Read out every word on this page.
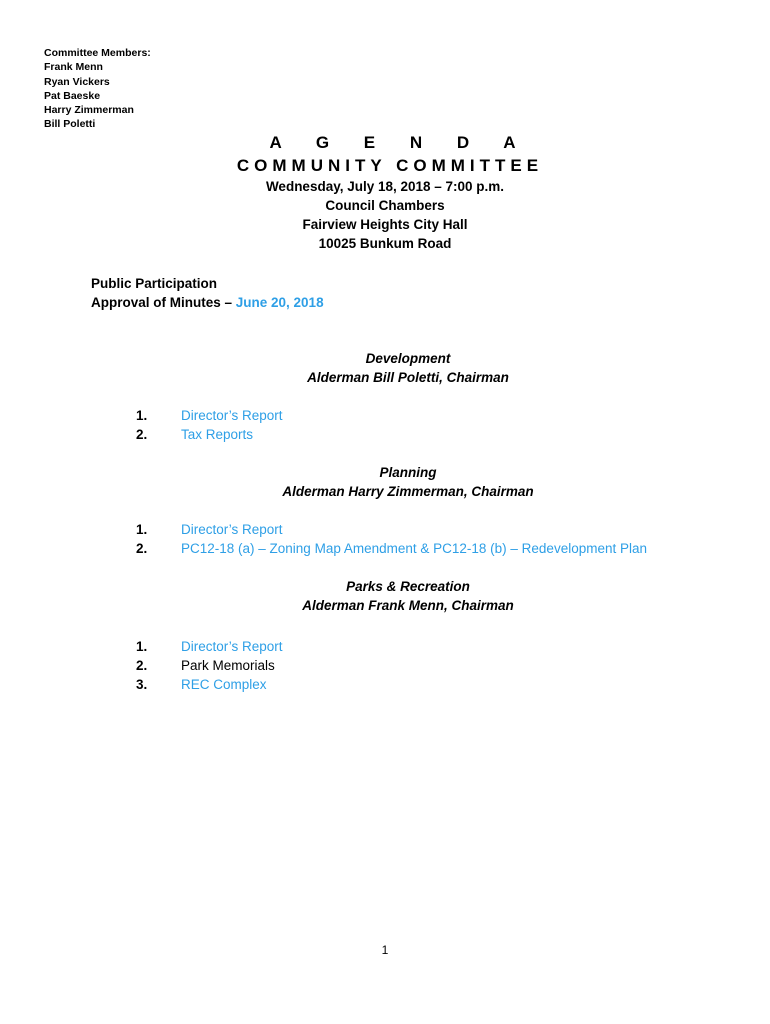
Committee Members:
Frank Menn
Ryan Vickers
Pat Baeske
Harry Zimmerman
Bill Poletti
A G E N D A
COMMUNITY COMMITTEE
Wednesday, July 18, 2018 – 7:00 p.m.
Council Chambers
Fairview Heights City Hall
10025 Bunkum Road
Public Participation
Approval of Minutes – June 20, 2018
Development
Alderman Bill Poletti, Chairman
1. Director’s Report
2. Tax Reports
Planning
Alderman Harry Zimmerman, Chairman
1. Director’s Report
2. PC12-18 (a) – Zoning Map Amendment & PC12-18 (b) – Redevelopment Plan
Parks & Recreation
Alderman Frank Menn, Chairman
1. Director’s Report
2. Park Memorials
3. REC Complex
1
